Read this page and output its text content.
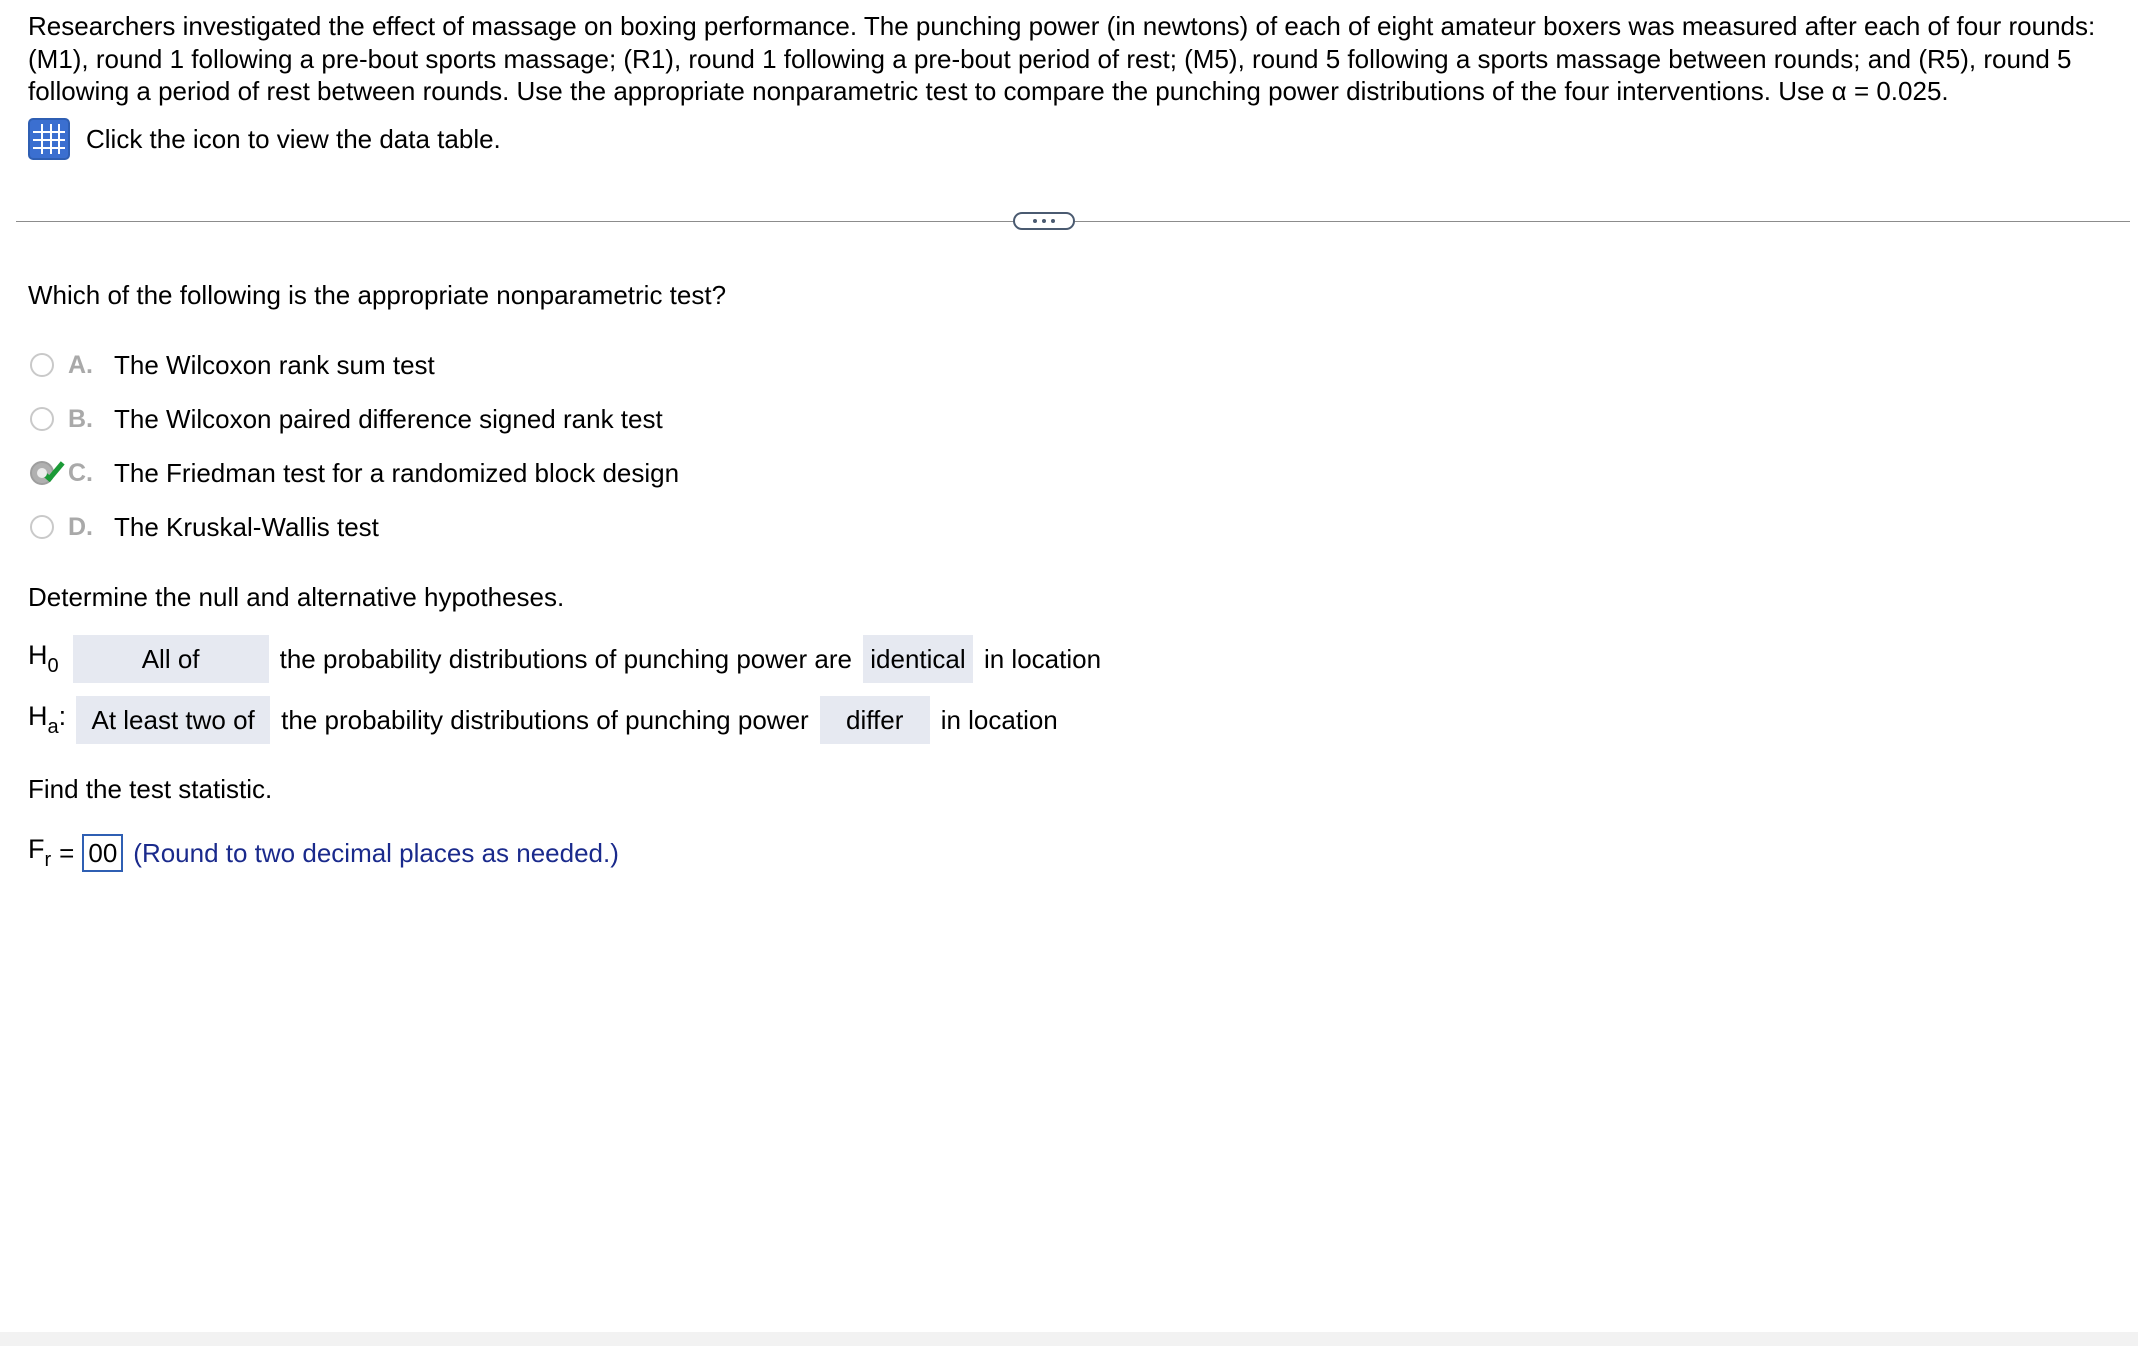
Researchers investigated the effect of massage on boxing performance. The punching power (in newtons) of each of eight amateur boxers was measured after each of four rounds:

(M1), round 1 following a pre-bout sports massage; (R1), round 1 following a pre-bout period of rest; (M5), round 5 following a sports massage between rounds; and (R5), round 5

following a period of rest between rounds. Use the appropriate nonparametric test to compare the punching power distributions of the four interventions. Use α = 0.025.

Click the icon to view the data table.
Which of the following is the appropriate nonparametric test?
A. The Wilcoxon rank sum test
B. The Wilcoxon paired difference signed rank test
C. The Friedman test for a randomized block design
D. The Kruskal-Wallis test
Determine the null and alternative hypotheses.
$H_0$	All of	the probability distributions of punching power are identical in location
$H_a$: At least two of	the probability distributions of punching power	differ	in location
Find the test statistic.
$F_r = 00$ (Round to two decimal places as needed.)
